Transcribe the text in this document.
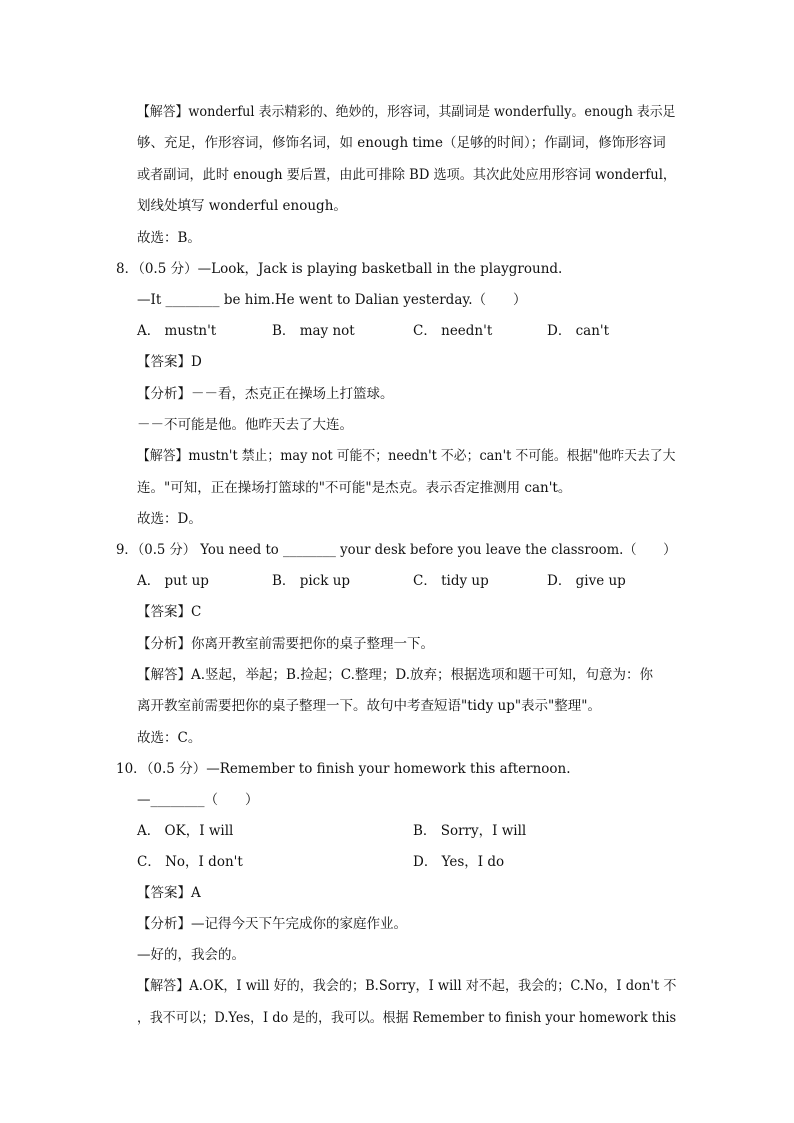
【解答】wonderful 表示精彩的、绝妙的，形容词，其副词是 wonderfully。enough 表示足
够、充足，作形容词，修饰名词，如 enough time（足够的时间）；作副词，修饰形容词
或者副词，此时 enough 要后置，由此可排除 BD 选项。其次此处应用形容词 wonderful，
划线处填写 wonderful enough。
故选：B。
8．（0.5 分）—Look，Jack is playing basketball in the playground.
—It ________ be him.He went to Dalian yesterday.（　　）
A． mustn't	B． may not	C． needn't	D． can't
【答案】D
【分析】－－看，杰克正在操场上打篮球。
－－不可能是他。他昨天去了大连。
【解答】mustn't 禁止；may not 可能不；needn't 不必；can't 不可能。根据"他昨天去了大
连。"可知，正在操场打篮球的"不可能"是杰克。表示否定推测用 can't。
故选：D。
9．（0.5 分） You need to ________ your desk before you leave the classroom.（　　）
A． put up	B． pick up	C． tidy up	D． give up
【答案】C
【分析】你离开教室前需要把你的桌子整理一下。
【解答】A.竖起，举起；B.捡起；C.整理；D.放弃；根据选项和题干可知，句意为：你
离开教室前需要把你的桌子整理一下。故句中考查短语"tidy up"表示"整理"。
故选：C。
10．（0.5 分）—Remember to finish your homework this afternoon.
—________（　　）
A． OK，I will	B． Sorry，I will
C． No，I don't	D． Yes，I do
【答案】A
【分析】—记得今天下午完成你的家庭作业。
—好的，我会的。
【解答】A.OK，I will 好的，我会的；B.Sorry，I will 对不起，我会的；C.No，I don't 不
，我不可以；D.Yes，I do 是的，我可以。根据 Remember to finish your homework this
